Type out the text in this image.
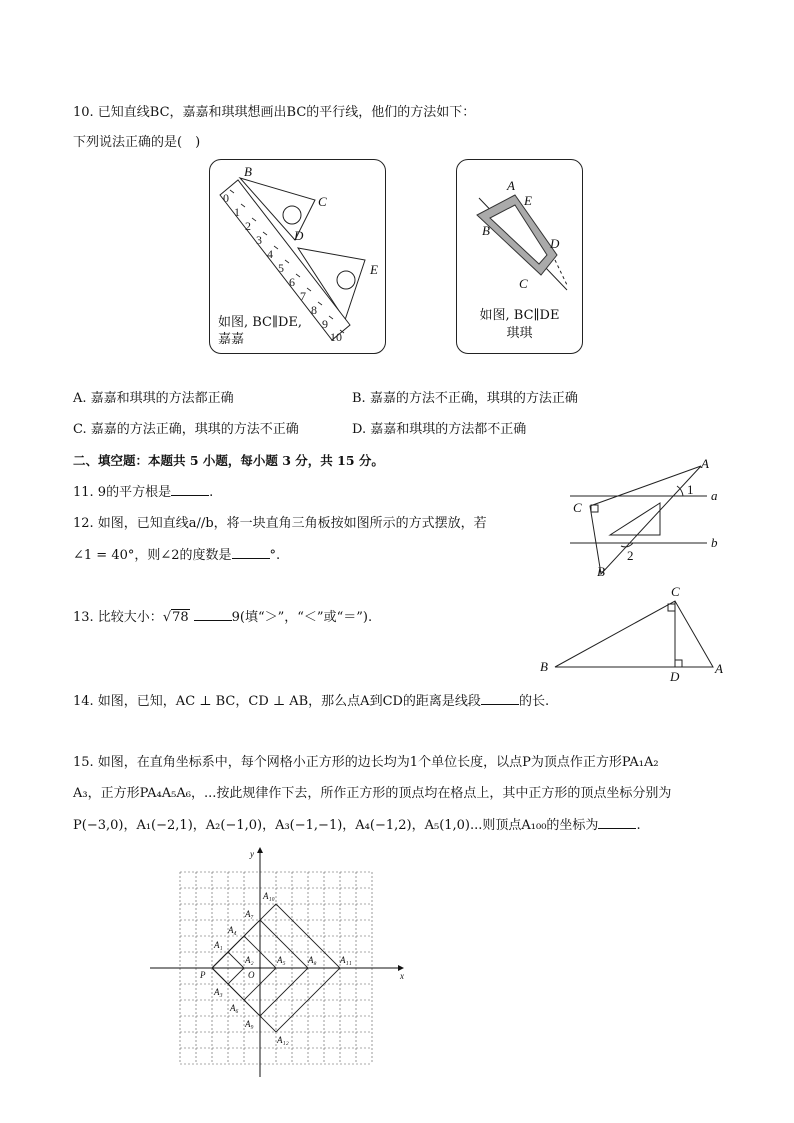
10. 已知直线BC，嘉嘉和琪琪想画出BC的平行线，他们的方法如下：
下列说法正确的是(　)
0
1
2
3
4
5
6
7
8
9
10
B
C
D
E
如图, BC∥DE,
嘉嘉
A
E
B
D
C
如图, BC∥DE
琪琪
A. 嘉嘉和琪琪的方法都正确	B. 嘉嘉的方法不正确，琪琪的方法正确
C. 嘉嘉的方法正确，琪琪的方法不正确	D. 嘉嘉和琪琪的方法都不正确
二、填空题：本题共 5 小题，每小题 3 分，共 15 分。
11. 9的平方根是	.
12. 如图，已知直线a//b，将一块直角三角板按如图所示的方式摆放，若
∠1 = 40°，则∠2的度数是	°.
A
C
a
b
B
1
2
13. 比较大小：√78	9(填“＞”，“＜”或“＝”).
C
B
D
A
14. 如图，已知，AC ⊥ BC，CD ⊥ AB，那么点A到CD的距离是线段	的长.
15. 如图，在直角坐标系中，每个网格小正方形的边长均为1个单位长度，以点P为顶点作正方形PA₁A₂
A₃，正方形PA₄A₅A₆，...按此规律作下去，所作正方形的顶点均在格点上，其中正方形的顶点坐标分别为
P(−3,0)，A₁(−2,1)，A₂(−1,0)，A₃(−1,−1)，A₄(−1,2)，A₅(1,0)...则顶点A₁₀₀的坐标为	.
x
y
O
P
A₁
A₂
A₃
A₄
A₅
A₆
A₇
A₈
A₉
A₁₀
A₁₁
A₁₂
